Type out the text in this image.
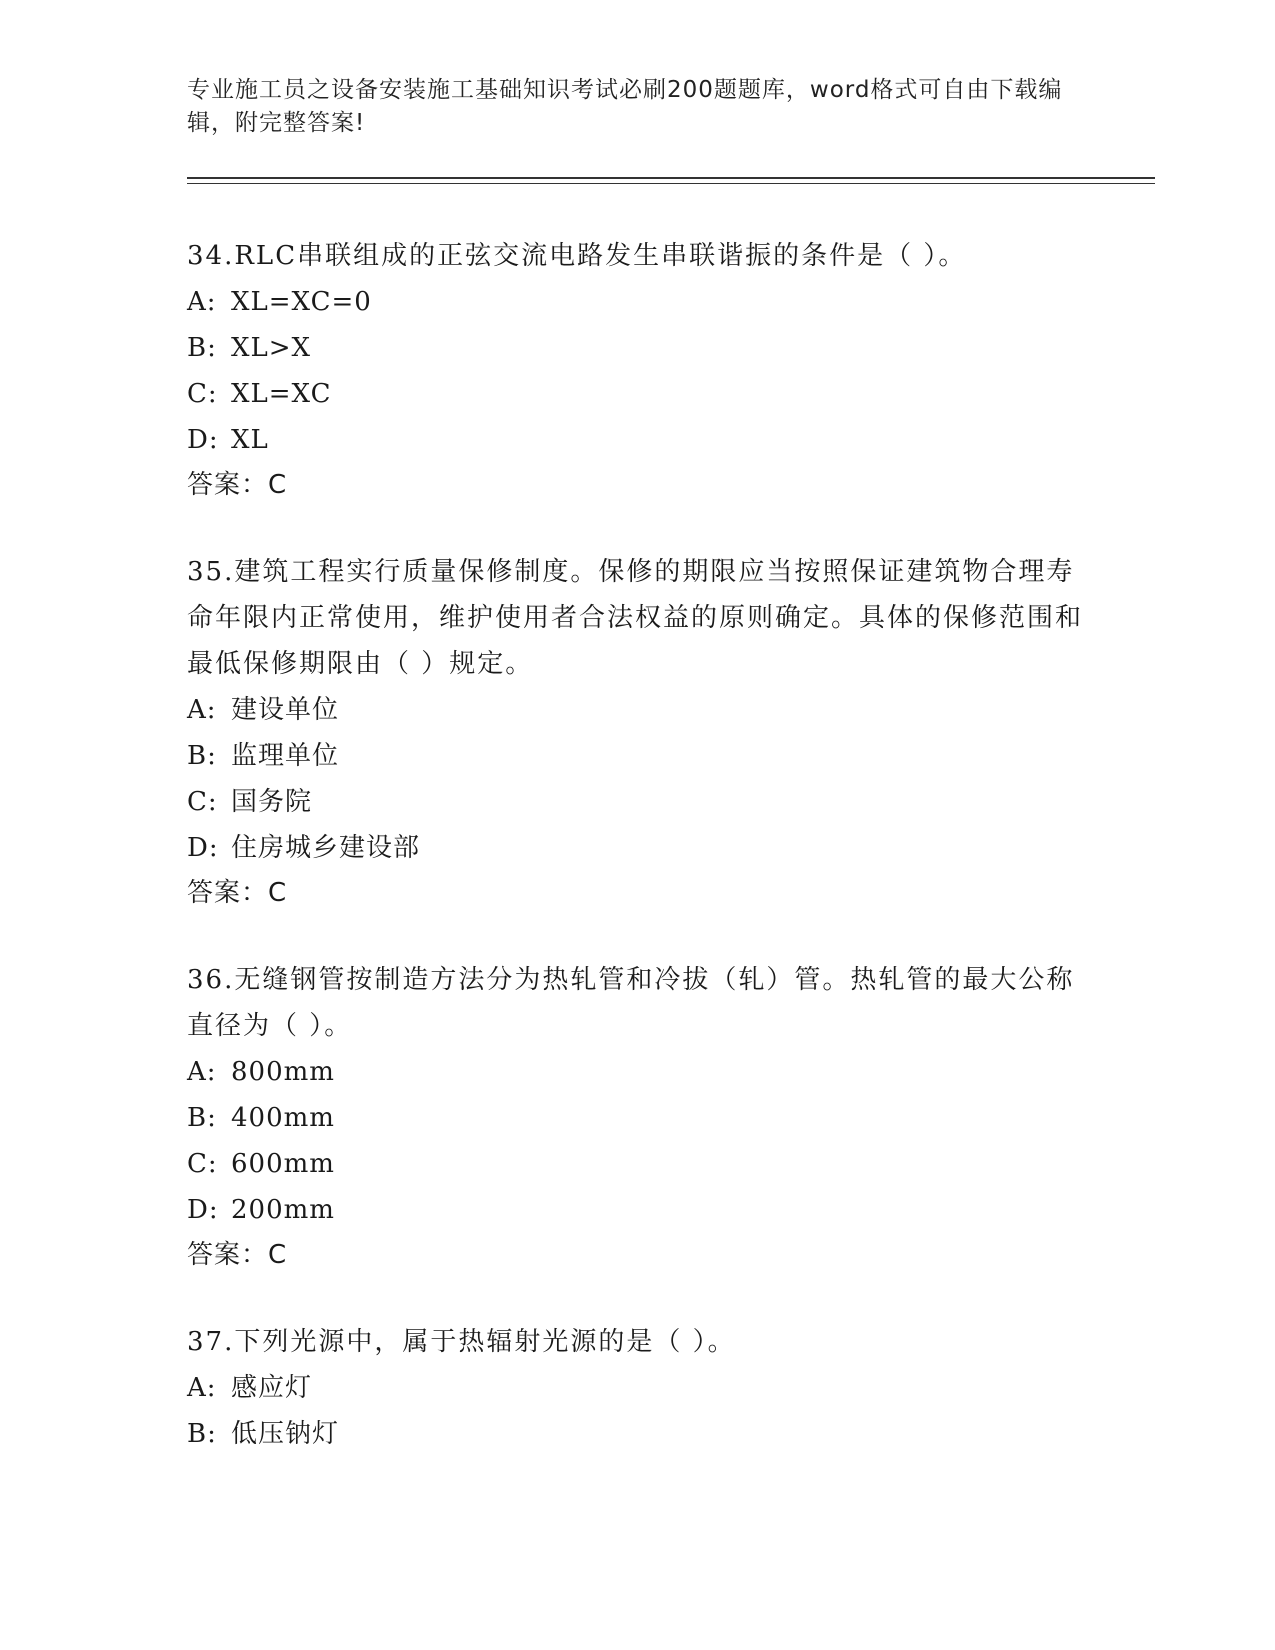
专业施工员之设备安装施工基础知识考试必刷200题题库，word格式可自由下载编辑，附完整答案!

34.RLC串联组成的正弦交流电路发生串联谐振的条件是（ ）。

A: XL=XC=0

B: XL>X

C: XL=XC

D: XL

答案：C

35.建筑工程实行质量保修制度。保修的期限应当按照保证建筑物合理寿命年限内正常使用，维护使用者合法权益的原则确定。具体的保修范围和最低保修期限由（ ）规定。

A: 建设单位

B: 监理单位

C: 国务院

D: 住房城乡建设部

答案：C

36.无缝钢管按制造方法分为热轧管和冷拔（轧）管。热轧管的最大公称直径为（ ）。

A: 800mm

B: 400mm

C: 600mm

D: 200mm

答案：C

37.下列光源中，属于热辐射光源的是（ ）。

A: 感应灯

B: 低压钠灯
